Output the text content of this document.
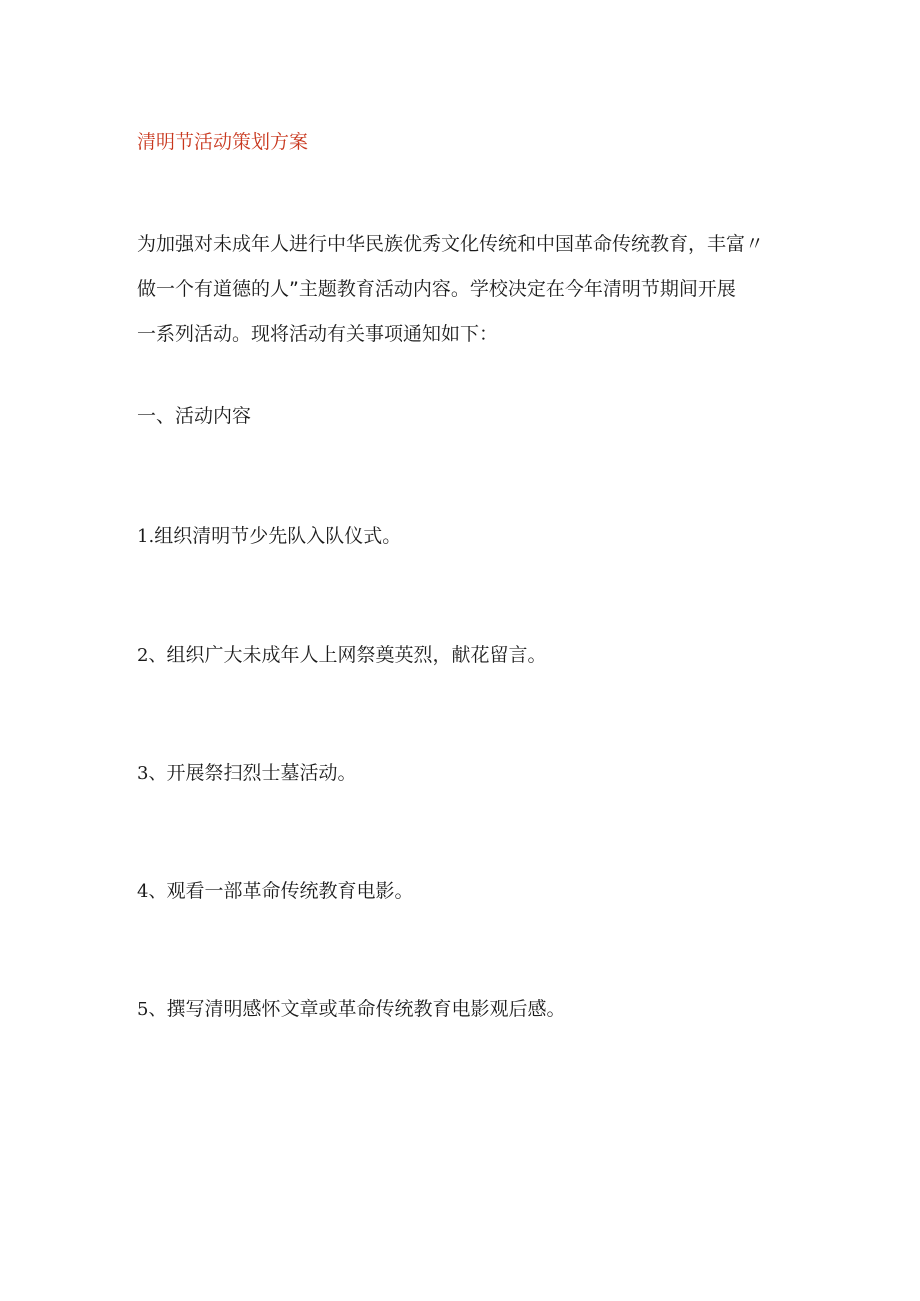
清明节活动策划方案

为加强对未成年人进行中华民族优秀文化传统和中国革命传统教育，丰富〃
做一个有道德的人”主题教育活动内容。学校决定在今年清明节期间开展
一系列活动。现将活动有关事项通知如下：

一、活动内容
1.组织清明节少先队入队仪式。
2、组织广大未成年人上网祭奠英烈，献花留言。
3、开展祭扫烈士墓活动。
4、观看一部革命传统教育电影。
5、撰写清明感怀文章或革命传统教育电影观后感。
